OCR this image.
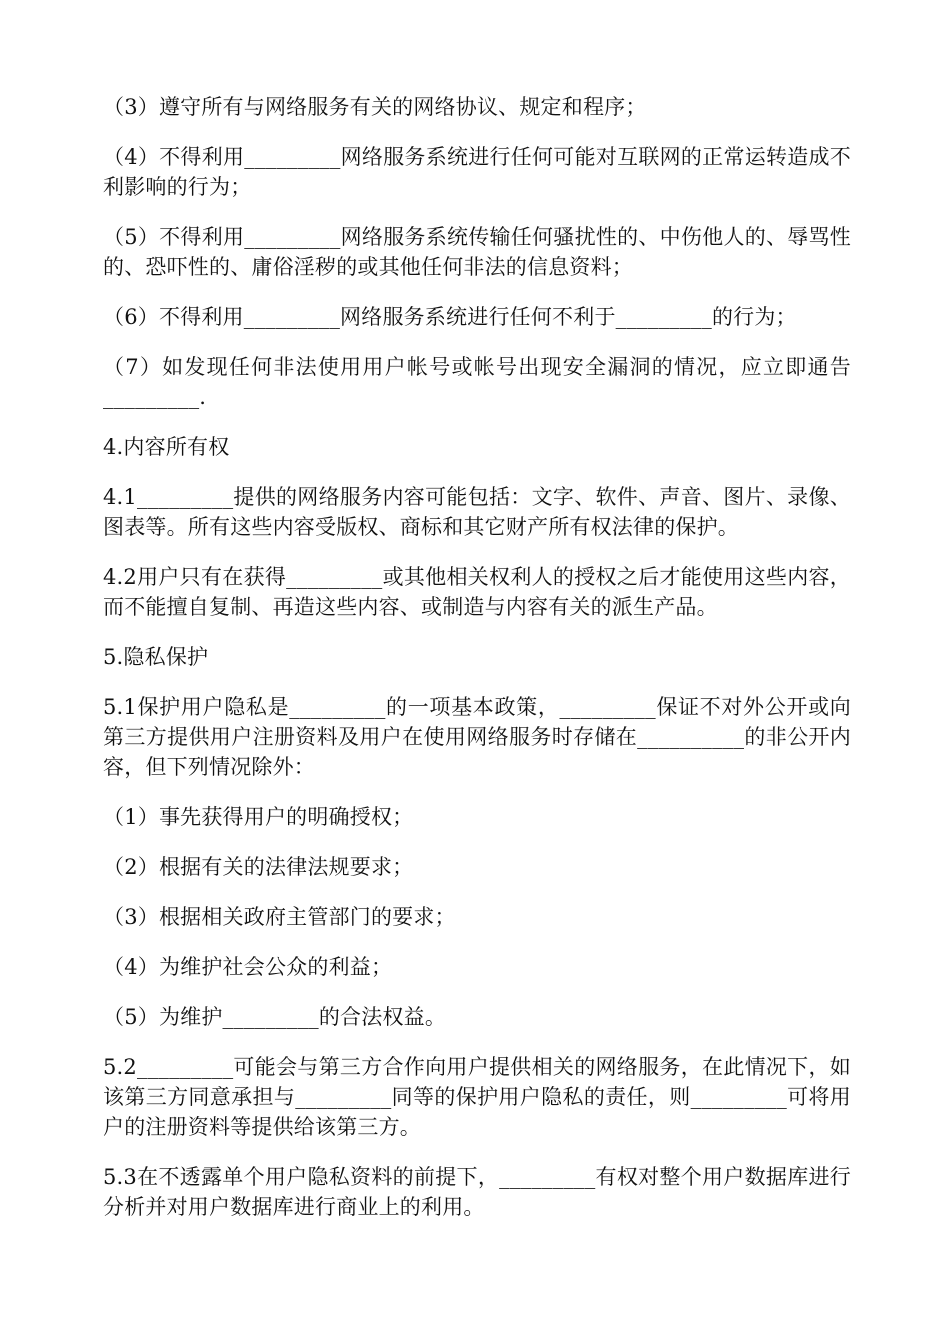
（3）遵守所有与网络服务有关的网络协议、规定和程序；

（4）不得利用_________网络服务系统进行任何可能对互联网的正常运转造成不利影响的行为；

（5）不得利用_________网络服务系统传输任何骚扰性的、中伤他人的、辱骂性的、恐吓性的、庸俗淫秽的或其他任何非法的信息资料；

（6）不得利用_________网络服务系统进行任何不利于_________的行为；

（7）如发现任何非法使用用户帐号或帐号出现安全漏洞的情况，应立即通告_________.

4.内容所有权

4.1_________提供的网络服务内容可能包括：文字、软件、声音、图片、录像、图表等。所有这些内容受版权、商标和其它财产所有权法律的保护。

4.2用户只有在获得_________或其他相关权利人的授权之后才能使用这些内容，而不能擅自复制、再造这些内容、或制造与内容有关的派生产品。

5.隐私保护

5.1保护用户隐私是_________的一项基本政策，_________保证不对外公开或向第三方提供用户注册资料及用户在使用网络服务时存储在__________的非公开内容，但下列情况除外：

（1）事先获得用户的明确授权；

（2）根据有关的法律法规要求；

（3）根据相关政府主管部门的要求；

（4）为维护社会公众的利益；

（5）为维护_________的合法权益。

5.2_________可能会与第三方合作向用户提供相关的网络服务，在此情况下，如该第三方同意承担与_________同等的保护用户隐私的责任，则_________可将用户的注册资料等提供给该第三方。

5.3在不透露单个用户隐私资料的前提下，_________有权对整个用户数据库进行分析并对用户数据库进行商业上的利用。
